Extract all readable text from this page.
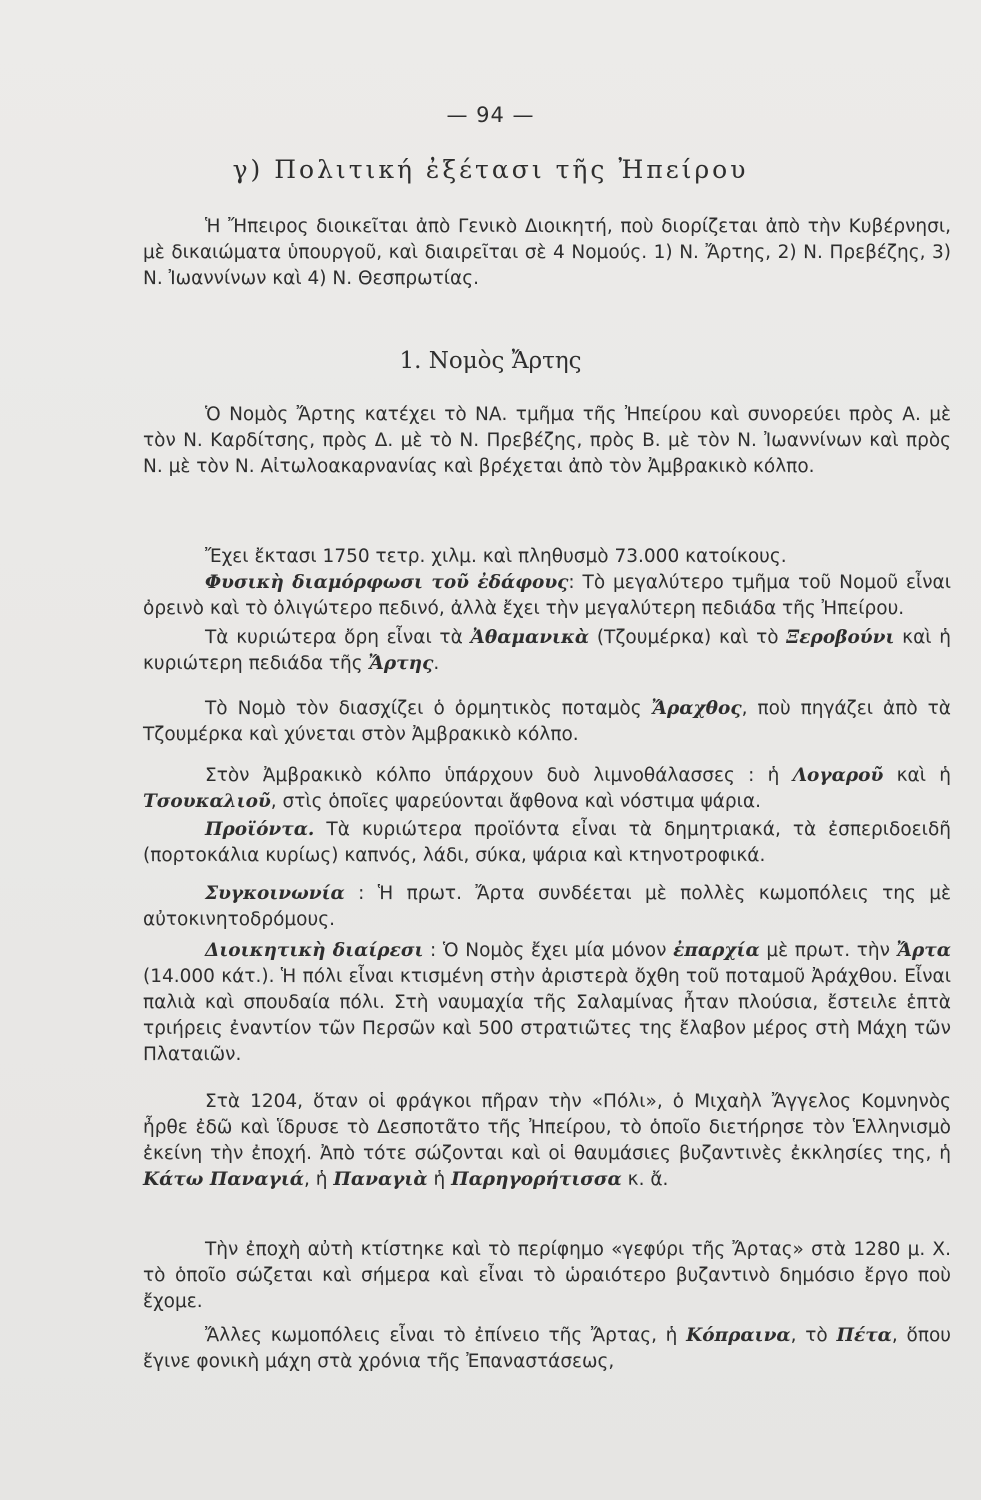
— 94 —
γ) Πολιτική ἐξέτασι τῆς Ἠπείρου

Ἡ Ἤπειρος διοικεῖται ἀπὸ Γενικὸ Διοικητή, ποὺ διορίζεται ἀπὸ τὴν Κυβέρνησι, μὲ δικαιώματα ὑπουργοῦ, καὶ διαιρεῖται σὲ 4 Νομούς. 1) Ν. Ἄρτης, 2) Ν. Πρεβέζης, 3) Ν. Ἰωαννίνων καὶ 4) Ν. Θεσπρωτίας.

1. Νομὸς Ἄρτης

Ὁ Νομὸς Ἄρτης κατέχει τὸ ΝΑ. τμῆμα τῆς Ἠπείρου καὶ συνορεύει πρὸς Α. μὲ τὸν Ν. Καρδίτσης, πρὸς Δ. μὲ τὸ Ν. Πρεβέζης, πρὸς Β. μὲ τὸν Ν. Ἰωαννίνων καὶ πρὸς Ν. μὲ τὸν Ν. Αἰτωλοακαρνανίας καὶ βρέχεται ἀπὸ τὸν Ἀμβρακικὸ κόλπο.

Ἔχει ἔκτασι 1750 τετρ. χιλμ. καὶ πληθυσμὸ 73.000 κατοίκους.

Φυσικὴ διαμόρφωσι τοῦ ἐδάφους: Τὸ μεγαλύτερο τμῆμα τοῦ Νομοῦ εἶναι ὀρεινὸ καὶ τὸ ὀλιγώτερο πεδινό, ἀλλὰ ἔχει τὴν μεγαλύτερη πεδιάδα τῆς Ἠπείρου.

Τὰ κυριώτερα ὄρη εἶναι τὰ Ἀθαμανικὰ (Τζουμέρκα) καὶ τὸ Ξεροβούνι καὶ ἡ κυριώτερη πεδιάδα τῆς Ἄρτης.

Τὸ Νομὸ τὸν διασχίζει ὁ ὁρμητικὸς ποταμὸς Ἄραχθος, ποὺ πηγάζει ἀπὸ τὰ Τζουμέρκα καὶ χύνεται στὸν Ἀμβρακικὸ κόλπο.

Στὸν Ἀμβρακικὸ κόλπο ὑπάρχουν δυὸ λιμνοθάλασσες : ἡ Λογαροῦ καὶ ἡ Τσουκαλιοῦ, στὶς ὁποῖες ψαρεύονται ἄφθονα καὶ νόστιμα ψάρια.

Προϊόντα. Τὰ κυριώτερα προϊόντα εἶναι τὰ δημητριακά, τὰ ἐσπεριδοειδῆ (πορτοκάλια κυρίως) καπνός, λάδι, σύκα, ψάρια καὶ κτηνοτροφικά.

Συγκοινωνία : Ἡ πρωτ. Ἄρτα συνδέεται μὲ πολλὲς κωμοπόλεις της μὲ αὐτοκινητοδρόμους.

Διοικητικὴ διαίρεσι : Ὁ Νομὸς ἔχει μία μόνον ἐπαρχία μὲ πρωτ. τὴν Ἄρτα (14.000 κάτ.). Ἡ πόλι εἶναι κτισμένη στὴν ἀριστερὰ ὄχθη τοῦ ποταμοῦ Ἀράχθου. Εἶναι παλιὰ καὶ σπουδαία πόλι. Στὴ ναυμαχία τῆς Σαλαμίνας ἦταν πλούσια, ἔστειλε ἑπτὰ τριήρεις ἐναντίον τῶν Περσῶν καὶ 500 στρατιῶτες της ἔλαβον μέρος στὴ Μάχη τῶν Πλαταιῶν.

Στὰ 1204, ὅταν οἱ φράγκοι πῆραν τὴν «Πόλι», ὁ Μιχαὴλ Ἄγγελος Κομνηνὸς ἦρθε ἐδῶ καὶ ἵδρυσε τὸ Δεσποτᾶτο τῆς Ἠπείρου, τὸ ὁποῖο διετήρησε τὸν Ἑλληνισμὸ ἐκείνη τὴν ἐποχή. Ἀπὸ τότε σώζονται καὶ οἱ θαυμάσιες βυζαντινὲς ἐκκλησίες της, ἡ Κάτω Παναγιά, ἡ Παναγιὰ ἡ Παρηγορήτισσα κ. ἄ.

Τὴν ἐποχὴ αὐτὴ κτίστηκε καὶ τὸ περίφημο «γεφύρι τῆς Ἄρτας» στὰ 1280 μ. Χ. τὸ ὁποῖο σώζεται καὶ σήμερα καὶ εἶναι τὸ ὡραιότερο βυζαντινὸ δημόσιο ἔργο ποὺ ἔχομε.

Ἄλλες κωμοπόλεις εἶναι τὸ ἐπίνειο τῆς Ἄρτας, ἡ Κόπραινα, τὸ Πέτα, ὅπου ἔγινε φονικὴ μάχη στὰ χρόνια τῆς Ἐπαναστάσεως,
